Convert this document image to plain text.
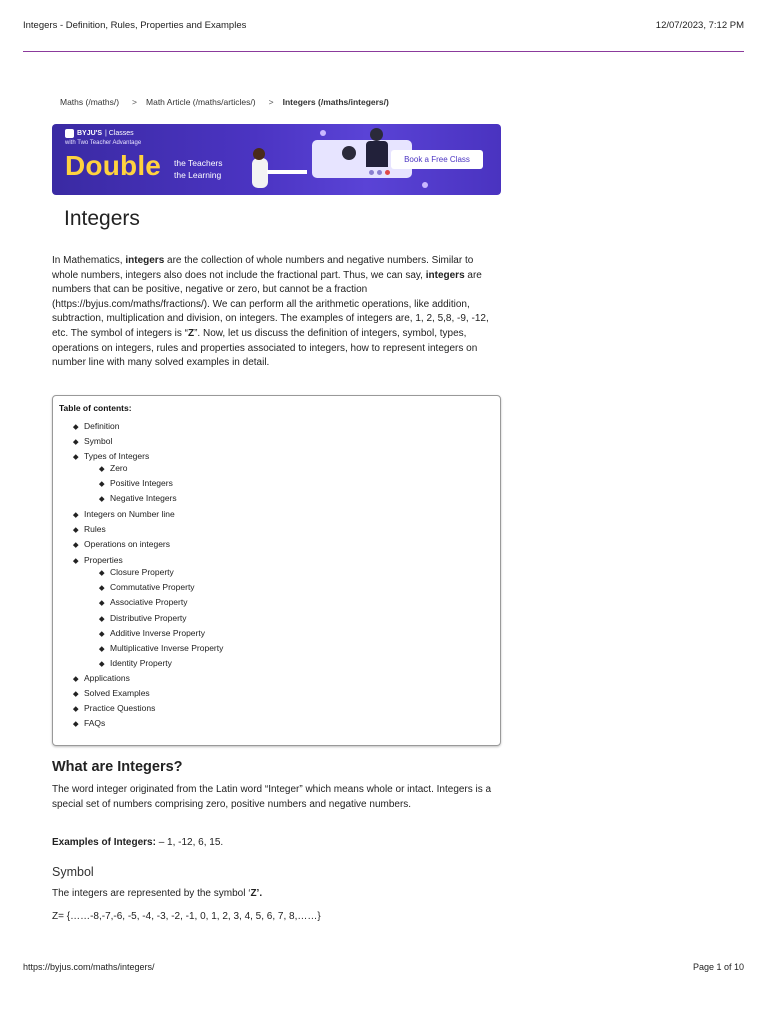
Integers - Definition, Rules, Properties and Examples	12/07/2023, 7:12 PM
Maths (/maths/) > Math Article (/maths/articles/) > Integers (/maths/integers/)
BYJU'S | Classes
with Two Teacher Advantage
Double the Teachers
the Learning
Book a Free Class
Integers
In Mathematics, integers are the collection of whole numbers and negative numbers. Similar to whole numbers, integers also does not include the fractional part. Thus, we can say, integers are numbers that can be positive, negative or zero, but cannot be a fraction (https://byjus.com/maths/fractions/). We can perform all the arithmetic operations, like addition, subtraction, multiplication and division, on integers. The examples of integers are, 1, 2, 5,8, -9, -12, etc. The symbol of integers is “Z”. Now, let us discuss the definition of integers, symbol, types, operations on integers, rules and properties associated to integers, how to represent integers on number line with many solved examples in detail.
Table of contents:
Definition
Symbol
Types of Integers
Zero
Positive Integers
Negative Integers
Integers on Number line
Rules
Operations on integers
Properties
Closure Property
Commutative Property
Associative Property
Distributive Property
Additive Inverse Property
Multiplicative Inverse Property
Identity Property
Applications
Solved Examples
Practice Questions
FAQs
What are Integers?
The word integer originated from the Latin word “Integer” which means whole or intact. Integers is a special set of numbers comprising zero, positive numbers and negative numbers.
Examples of Integers: – 1, -12, 6, 15.
Symbol
The integers are represented by the symbol ‘Z’.
Z= {……-8,-7,-6, -5, -4, -3, -2, -1, 0, 1, 2, 3, 4, 5, 6, 7, 8,……}
https://byjus.com/maths/integers/	Page 1 of 10
